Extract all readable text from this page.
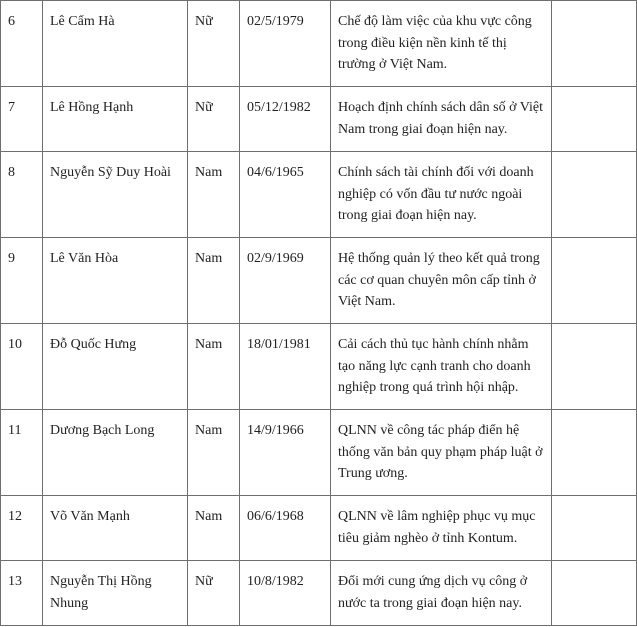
6	Lê Cẩm Hà	Nữ	02/5/1979	Chế độ làm việc của khu vực công trong điều kiện nền kinh tế thị trường ở Việt Nam.	
7	Lê Hồng Hạnh	Nữ	05/12/1982	Hoạch định chính sách dân số ở Việt Nam trong giai đoạn hiện nay.	
8	Nguyễn Sỹ Duy Hoài	Nam	04/6/1965	Chính sách tài chính đối với doanh nghiệp có vốn đầu tư nước ngoài trong giai đoạn hiện nay.	
9	Lê Văn Hòa	Nam	02/9/1969	Hệ thống quản lý theo kết quả trong các cơ quan chuyên môn cấp tỉnh ở Việt Nam.	
10	Đỗ Quốc Hưng	Nam	18/01/1981	Cải cách thủ tục hành chính nhằm tạo năng lực cạnh tranh cho doanh nghiệp trong quá trình hội nhập.	
11	Dương Bạch Long	Nam	14/9/1966	QLNN về công tác pháp điển hệ thống văn bản quy phạm pháp luật ở Trung ương.	
12	Võ Văn Mạnh	Nam	06/6/1968	QLNN về lâm nghiệp phục vụ mục tiêu giảm nghèo ở tỉnh Kontum.	
13	Nguyễn Thị Hồng Nhung	Nữ	10/8/1982	Đổi mới cung ứng dịch vụ công ở nước ta trong giai đoạn hiện nay.	
